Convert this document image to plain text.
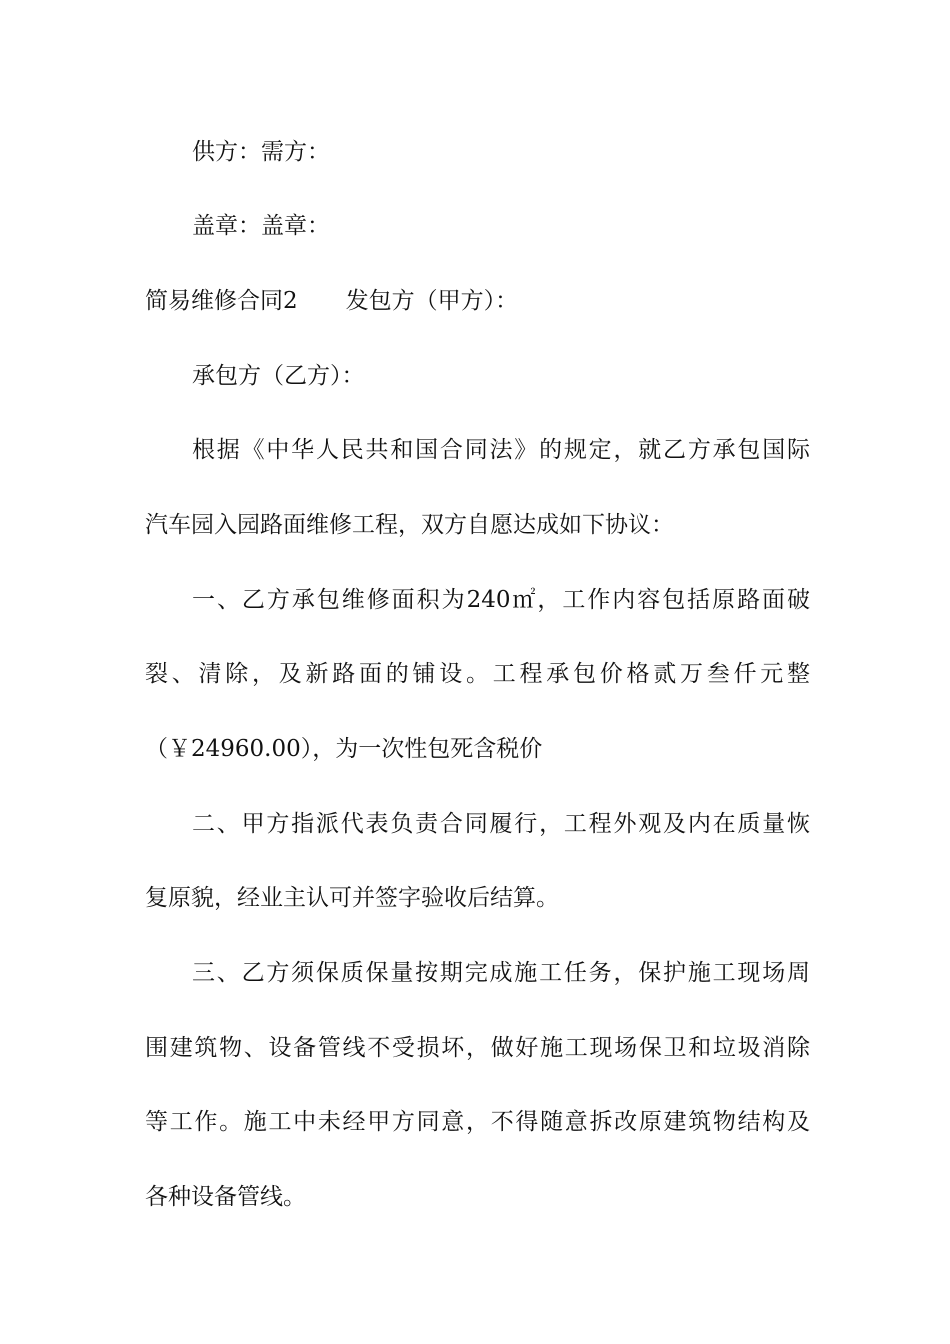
供方：需方：

盖章：盖章：

简易维修合同2 发包方（甲方）：

承包方（乙方）：

根据《中华人民共和国合同法》的规定，就乙方承包国际

汽车园入园路面维修工程，双方自愿达成如下协议：

一、乙方承包维修面积为240㎡，工作内容包括原路面破

裂、清除，及新路面的铺设。工程承包价格贰万叁仟元整

（￥24960.00），为一次性包死含税价

二、甲方指派代表负责合同履行，工程外观及内在质量恢

复原貌，经业主认可并签字验收后结算。

三、乙方须保质保量按期完成施工任务，保护施工现场周

围建筑物、设备管线不受损坏，做好施工现场保卫和垃圾消除

等工作。施工中未经甲方同意，不得随意拆改原建筑物结构及

各种设备管线。
